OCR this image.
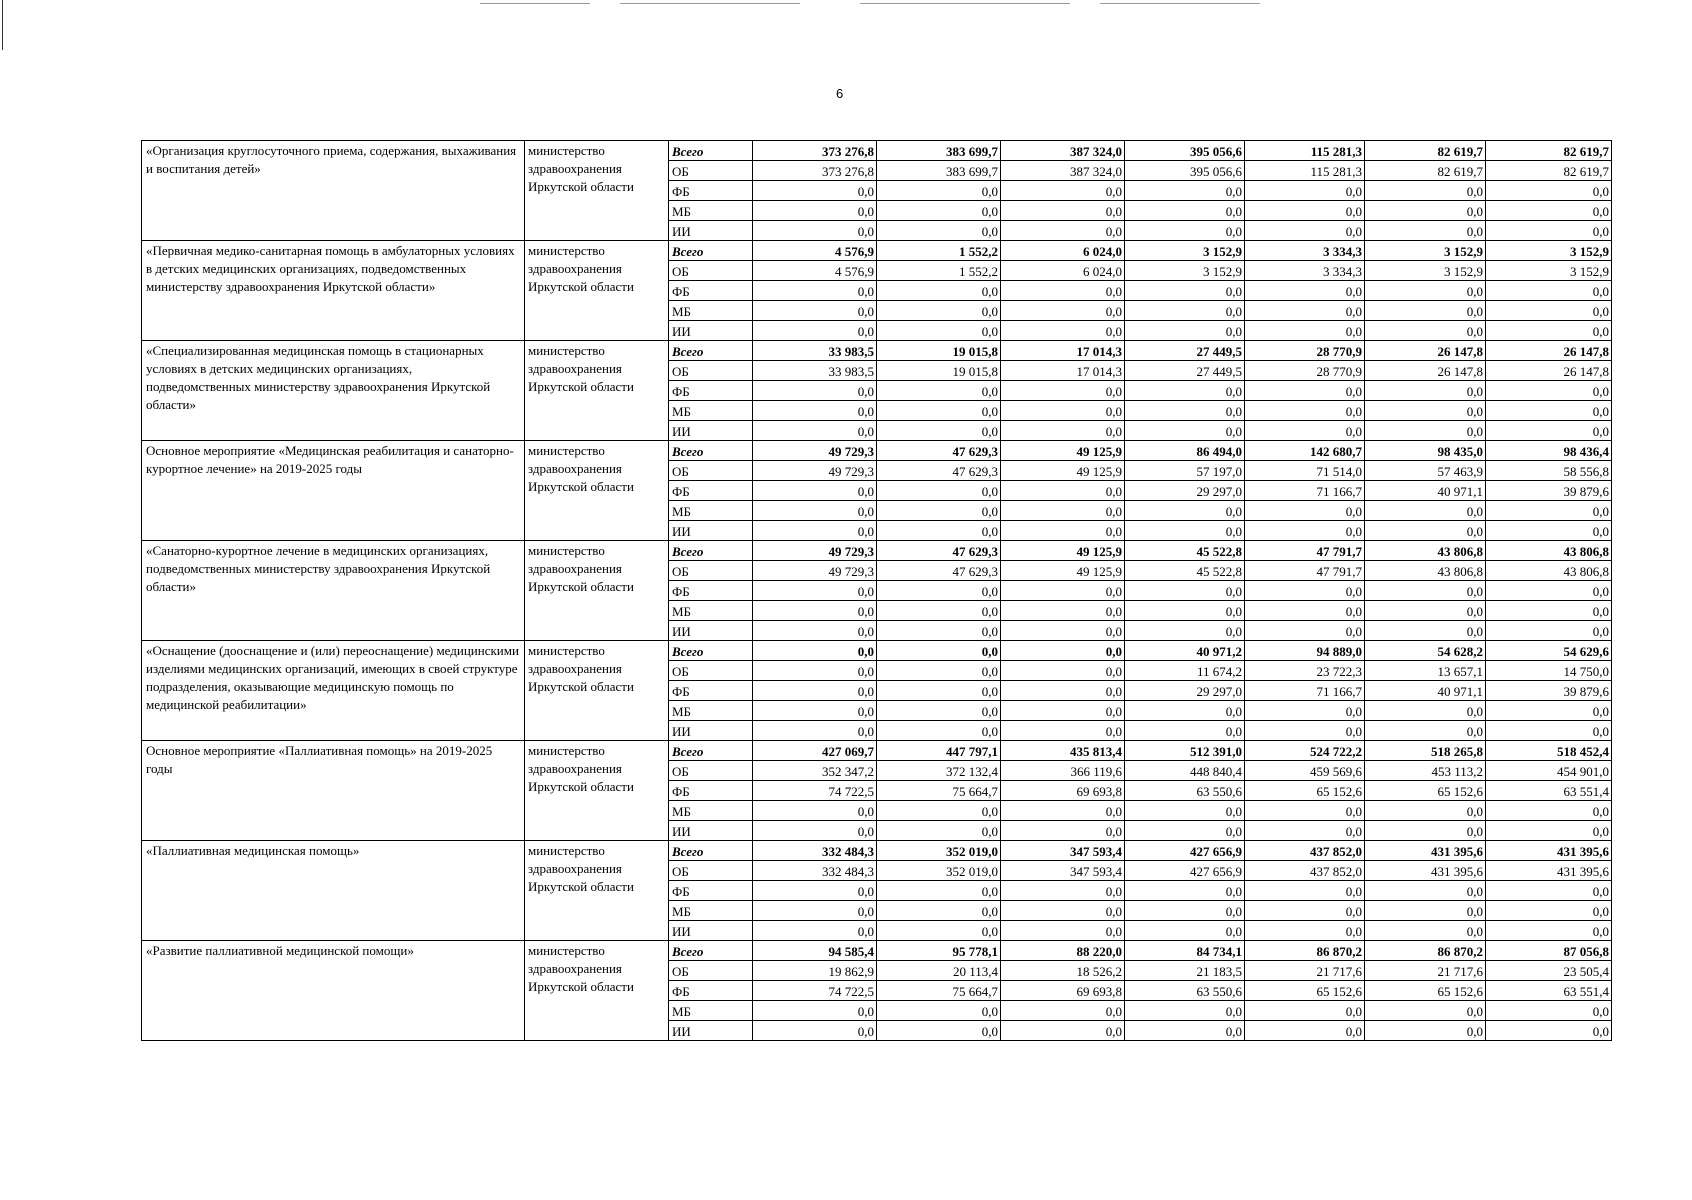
6
«Организация круглосуточного приема, содержания, выхаживания и воспитания детей»	министерство здравоохранения Иркутской области	Всего	373 276,8	383 699,7	387 324,0	395 056,6	115 281,3	82 619,7	82 619,7
		ОБ	373 276,8	383 699,7	387 324,0	395 056,6	115 281,3	82 619,7	82 619,7
		ФБ	0,0	0,0	0,0	0,0	0,0	0,0	0,0
		МБ	0,0	0,0	0,0	0,0	0,0	0,0	0,0
		ИИ	0,0	0,0	0,0	0,0	0,0	0,0	0,0
«Первичная медико-санитарная помощь в амбулаторных условиях в детских медицинских организациях, подведомственных министерству здравоохранения Иркутской области»	министерство здравоохранения Иркутской области	Всего	4 576,9	1 552,2	6 024,0	3 152,9	3 334,3	3 152,9	3 152,9
		ОБ	4 576,9	1 552,2	6 024,0	3 152,9	3 334,3	3 152,9	3 152,9
		ФБ	0,0	0,0	0,0	0,0	0,0	0,0	0,0
		МБ	0,0	0,0	0,0	0,0	0,0	0,0	0,0
		ИИ	0,0	0,0	0,0	0,0	0,0	0,0	0,0
«Специализированная медицинская помощь в стационарных условиях в детских медицинских организациях, подведомственных министерству здравоохранения Иркутской области»	министерство здравоохранения Иркутской области	Всего	33 983,5	19 015,8	17 014,3	27 449,5	28 770,9	26 147,8	26 147,8
		ОБ	33 983,5	19 015,8	17 014,3	27 449,5	28 770,9	26 147,8	26 147,8
		ФБ	0,0	0,0	0,0	0,0	0,0	0,0	0,0
		МБ	0,0	0,0	0,0	0,0	0,0	0,0	0,0
		ИИ	0,0	0,0	0,0	0,0	0,0	0,0	0,0
Основное мероприятие «Медицинская реабилитация и санаторно-курортное лечение» на 2019-2025 годы	министерство здравоохранения Иркутской области	Всего	49 729,3	47 629,3	49 125,9	86 494,0	142 680,7	98 435,0	98 436,4
		ОБ	49 729,3	47 629,3	49 125,9	57 197,0	71 514,0	57 463,9	58 556,8
		ФБ	0,0	0,0	0,0	29 297,0	71 166,7	40 971,1	39 879,6
		МБ	0,0	0,0	0,0	0,0	0,0	0,0	0,0
		ИИ	0,0	0,0	0,0	0,0	0,0	0,0	0,0
«Санаторно-курортное лечение в медицинских организациях, подведомственных министерству здравоохранения Иркутской области»	министерство здравоохранения Иркутской области	Всего	49 729,3	47 629,3	49 125,9	45 522,8	47 791,7	43 806,8	43 806,8
		ОБ	49 729,3	47 629,3	49 125,9	45 522,8	47 791,7	43 806,8	43 806,8
		ФБ	0,0	0,0	0,0	0,0	0,0	0,0	0,0
		МБ	0,0	0,0	0,0	0,0	0,0	0,0	0,0
		ИИ	0,0	0,0	0,0	0,0	0,0	0,0	0,0
«Оснащение (дооснащение и (или) переоснащение) медицинскими изделиями медицинских организаций, имеющих в своей структуре подразделения, оказывающие медицинскую помощь по медицинской реабилитации»	министерство здравоохранения Иркутской области	Всего	0,0	0,0	0,0	40 971,2	94 889,0	54 628,2	54 629,6
		ОБ	0,0	0,0	0,0	11 674,2	23 722,3	13 657,1	14 750,0
		ФБ	0,0	0,0	0,0	29 297,0	71 166,7	40 971,1	39 879,6
		МБ	0,0	0,0	0,0	0,0	0,0	0,0	0,0
		ИИ	0,0	0,0	0,0	0,0	0,0	0,0	0,0
Основное мероприятие «Паллиативная помощь» на 2019-2025 годы	министерство здравоохранения Иркутской области	Всего	427 069,7	447 797,1	435 813,4	512 391,0	524 722,2	518 265,8	518 452,4
		ОБ	352 347,2	372 132,4	366 119,6	448 840,4	459 569,6	453 113,2	454 901,0
		ФБ	74 722,5	75 664,7	69 693,8	63 550,6	65 152,6	65 152,6	63 551,4
		МБ	0,0	0,0	0,0	0,0	0,0	0,0	0,0
		ИИ	0,0	0,0	0,0	0,0	0,0	0,0	0,0
«Паллиативная медицинская помощь»	министерство здравоохранения Иркутской области	Всего	332 484,3	352 019,0	347 593,4	427 656,9	437 852,0	431 395,6	431 395,6
		ОБ	332 484,3	352 019,0	347 593,4	427 656,9	437 852,0	431 395,6	431 395,6
		ФБ	0,0	0,0	0,0	0,0	0,0	0,0	0,0
		МБ	0,0	0,0	0,0	0,0	0,0	0,0	0,0
		ИИ	0,0	0,0	0,0	0,0	0,0	0,0	0,0
«Развитие паллиативной медицинской помощи»	министерство здравоохранения Иркутской области	Всего	94 585,4	95 778,1	88 220,0	84 734,1	86 870,2	86 870,2	87 056,8
		ОБ	19 862,9	20 113,4	18 526,2	21 183,5	21 717,6	21 717,6	23 505,4
		ФБ	74 722,5	75 664,7	69 693,8	63 550,6	65 152,6	65 152,6	63 551,4
		МБ	0,0	0,0	0,0	0,0	0,0	0,0	0,0
		ИИ	0,0	0,0	0,0	0,0	0,0	0,0	0,0
